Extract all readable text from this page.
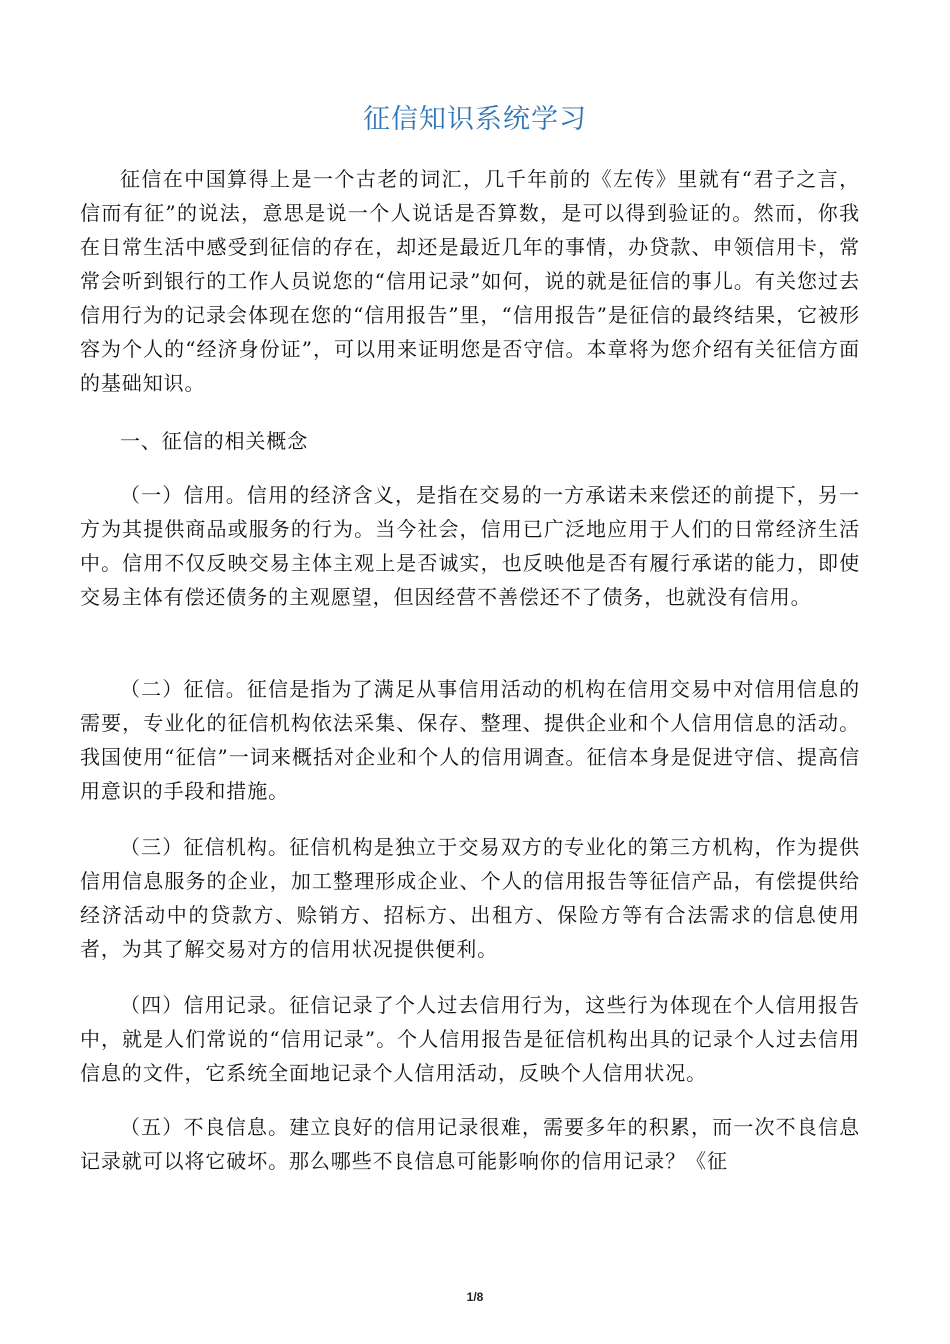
征信知识系统学习

征信在中国算得上是一个古老的词汇，几千年前的《左传》里就有“君子之言，信而有征”的说法，意思是说一个人说话是否算数，是可以得到验证的。然而，你我在日常生活中感受到征信的存在，却还是最近几年的事情，办贷款、申领信用卡，常常会听到银行的工作人员说您的“信用记录”如何，说的就是征信的事儿。有关您过去信用行为的记录会体现在您的“信用报告”里，“信用报告”是征信的最终结果，它被形容为个人的“经济身份证”，可以用来证明您是否守信。本章将为您介绍有关征信方面的基础知识。

一、征信的相关概念

（一）信用。信用的经济含义，是指在交易的一方承诺未来偿还的前提下，另一方为其提供商品或服务的行为。当今社会，信用已广泛地应用于人们的日常经济生活中。信用不仅反映交易主体主观上是否诚实，也反映他是否有履行承诺的能力，即使交易主体有偿还债务的主观愿望，但因经营不善偿还不了债务，也就没有信用。

（二）征信。征信是指为了满足从事信用活动的机构在信用交易中对信用信息的需要，专业化的征信机构依法采集、保存、整理、提供企业和个人信用信息的活动。我国使用“征信”一词来概括对企业和个人的信用调查。征信本身是促进守信、提高信用意识的手段和措施。

（三）征信机构。征信机构是独立于交易双方的专业化的第三方机构，作为提供信用信息服务的企业，加工整理形成企业、个人的信用报告等征信产品，有偿提供给经济活动中的贷款方、赊销方、招标方、出租方、保险方等有合法需求的信息使用者，为其了解交易对方的信用状况提供便利。

（四）信用记录。征信记录了个人过去信用行为，这些行为体现在个人信用报告中，就是人们常说的“信用记录”。个人信用报告是征信机构出具的记录个人过去信用信息的文件，它系统全面地记录个人信用活动，反映个人信用状况。

（五）不良信息。建立良好的信用记录很难，需要多年的积累，而一次不良信息记录就可以将它破坏。那么哪些不良信息可能影响你的信用记录？《征

1/8
